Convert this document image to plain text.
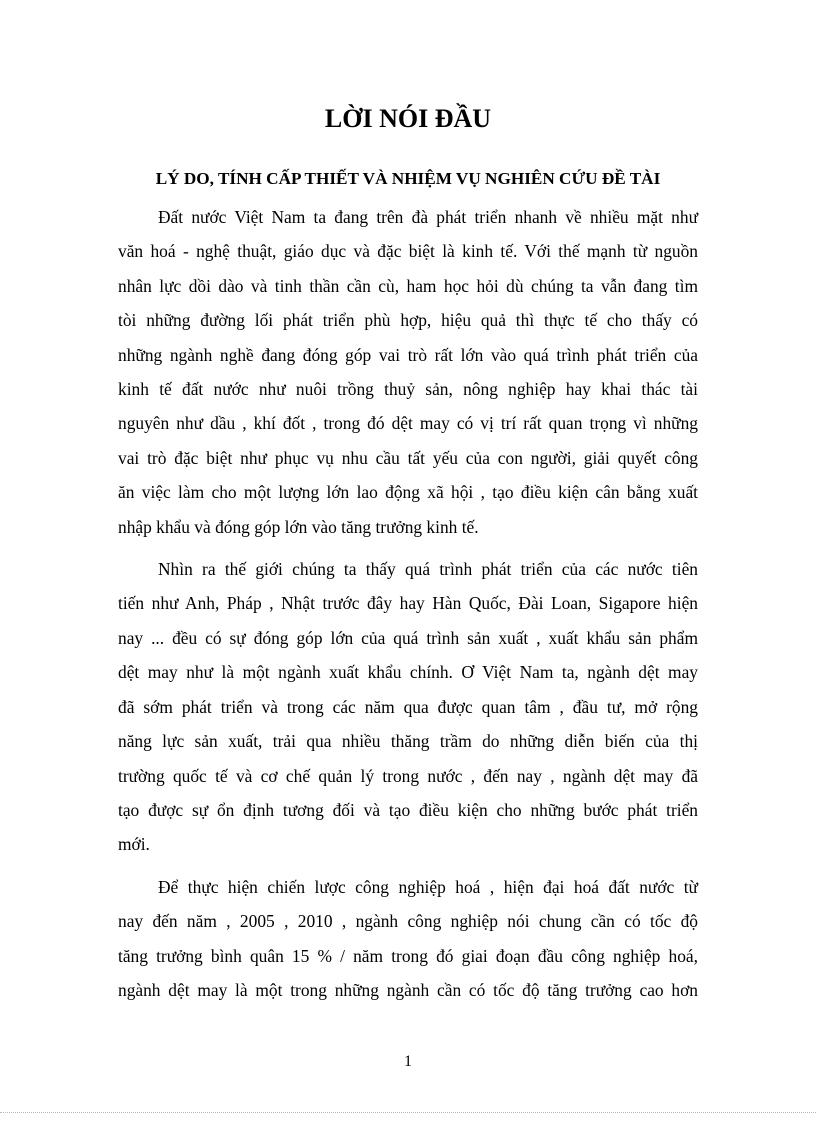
LỜI NÓI ĐẦU
LÝ DO, TÍNH CẤP THIẾT VÀ NHIỆM VỤ NGHIÊN CỨU ĐỀ TÀI

Đất nước Việt Nam ta đang trên đà phát triển nhanh về nhiều mặt như
văn hoá - nghệ thuật, giáo dục và đặc biệt là kinh tế. Với thế mạnh từ nguồn
nhân lực dồi dào và tinh thần cần cù, ham học hỏi dù chúng ta vẫn đang tìm
tòi những đường lối phát triển phù hợp, hiệu quả thì thực tế cho thấy có
những ngành nghề đang đóng góp vai trò rất lớn vào quá trình phát triển của
kinh tế đất nước như nuôi trồng thuỷ sản, nông nghiệp hay khai thác tài
nguyên như dầu , khí đốt , trong đó dệt may có vị trí rất quan trọng vì những
vai trò đặc biệt như phục vụ nhu cầu tất yếu của con người, giải quyết công
ăn việc làm cho một lượng lớn lao động xã hội , tạo điều kiện cân bằng xuất
nhập khẩu và đóng góp lớn vào tăng trưởng kinh tế.

Nhìn ra thế giới chúng ta thấy quá trình phát triển của các nước tiên
tiến như Anh, Pháp , Nhật trước đây hay Hàn Quốc, Đài Loan, Sigapore hiện
nay ... đều có sự đóng góp lớn của quá trình sản xuất , xuất khẩu sản phẩm
dệt may như là một ngành xuất khẩu chính. Ơ Việt Nam ta, ngành dệt may
đã sớm phát triển và trong các năm qua được quan tâm , đầu tư, mở rộng
năng lực sản xuất, trải qua nhiều thăng trầm do những diễn biến của thị
trường quốc tế và cơ chế quản lý trong nước , đến nay , ngành dệt may đã
tạo được sự ổn định tương đối và tạo điều kiện cho những bước phát triển
mới.

Để thực hiện chiến lược công nghiệp hoá , hiện đại hoá đất nước từ
nay đến năm , 2005 , 2010 , ngành công nghiệp nói chung cần có tốc độ
tăng trưởng bình quân 15 % / năm trong đó giai đoạn đầu công nghiệp hoá,
ngành dệt may là một trong những ngành cần có tốc độ tăng trưởng cao hơn

1
